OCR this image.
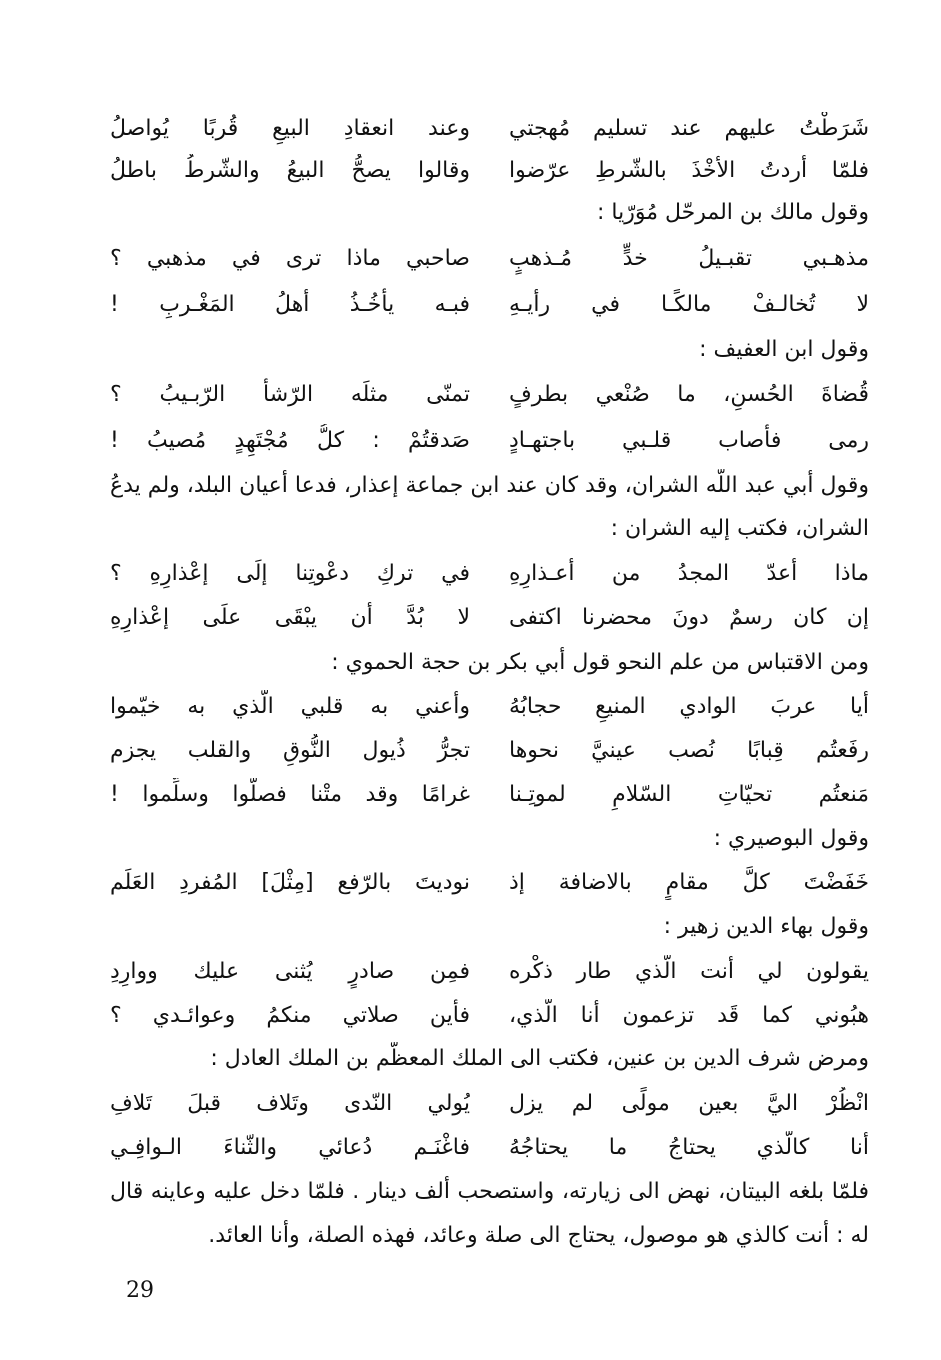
شَرَطْتُ عليهم عند تسليم مُهجتي
وعند انعقادِ البيعِ قُربًا يُواصلُ
فلمّا أردتُ الأخْذَ بالشّرطِ عرّضوا
وقالوا يصحُّ البيعُ والشّرطُ باطلُ
وقول مالك بن المرحّل مُوَرّيا :
مذهـبي تقبـيلُ خدٍّ مُـذهبٍ
صاحبي ماذا ترى في مذهبي ؟
لا تُخالـفْ مالكًـا في رأيـهِ
فبـه يأخُـذُ أهلُ المَغْـربِ !
وقول ابن العفيف :
قُضاةَ الحُسنِ، ما صُنْعي بطرفٍ
تمنّى مثلَه الرّشأُ الرّبـيبُ ؟
رمى فأصاب قلـبي باجتهـادٍ
صَدقتُمْ : كلُّ مُجْتَهِدٍ مُصيبُ !
وقول أبي عبد اللّه الشران، وقد كان عند ابن جماعة إعذار، فدعا أعيان البلد، ولم يدعُ
الشران، فكتب إليه الشران :
ماذا أعدّ المجدُ من أعـذارِهِ
في تركِ دعْوتِنا إلَى إعْذارِهِ ؟
إن كان رسمٌ دونَ محضرنا اكتفى
لا بُدَّ أن يبْقَى علَى إعْذارِهِ
ومن الاقتباس من علم النحو قول أبي بكر بن حجة الحموي :
أيا عربَ الوادي المنيعِ حجابُهُ
وأعني به قلبي الّذي به خيّموا
رفَعتُم قِبابًا نُصب عينيَّ نحوها
تجرُّ ذُيول النُّوقِ والقلب يجزم
مَنعتُم تحيّاتِ السّلامِ لموتِـنا
غرامًا وقد متْنا فصلُّوا وسلِّموا !
وقول البوصيري :
خَفَضْتَ كلَّ مقامٍ بالاضافة إذ
نوديتَ بالرّفع [مِثْلَ] المُفردِ العَلَم
وقول بهاء الدين زهير :
يقولون لي أنت الّذي طار ذكْره
فمِن صادرٍ يُثنى عليك ووارِدِ
هبُوني كما قَد تزعمون أنا الّذي،
فأين صلاتي منكمُ وعوائـدي ؟
ومرض شرف الدين بن عنين، فكتب الى الملك المعظّم بن الملك العادل :
انْظُرْ اليَّ بعين مولًى لم يزل
يُولي النّدى وتَلاف قبلَ تَلافِ
أنا كالّذي يحتاجُ ما يحتاجُهُ
فاغْنَـم دُعائي والثّناءَ الـوافِـي
فلمّا بلغه البيتان، نهض الى زيارته، واستصحب ألف دينار . فلمّا دخل عليه وعاينه قال
له : أنت كالذي هو موصول، يحتاج الى صلة وعائد، فهذه الصلة، وأنا العائد.
29
